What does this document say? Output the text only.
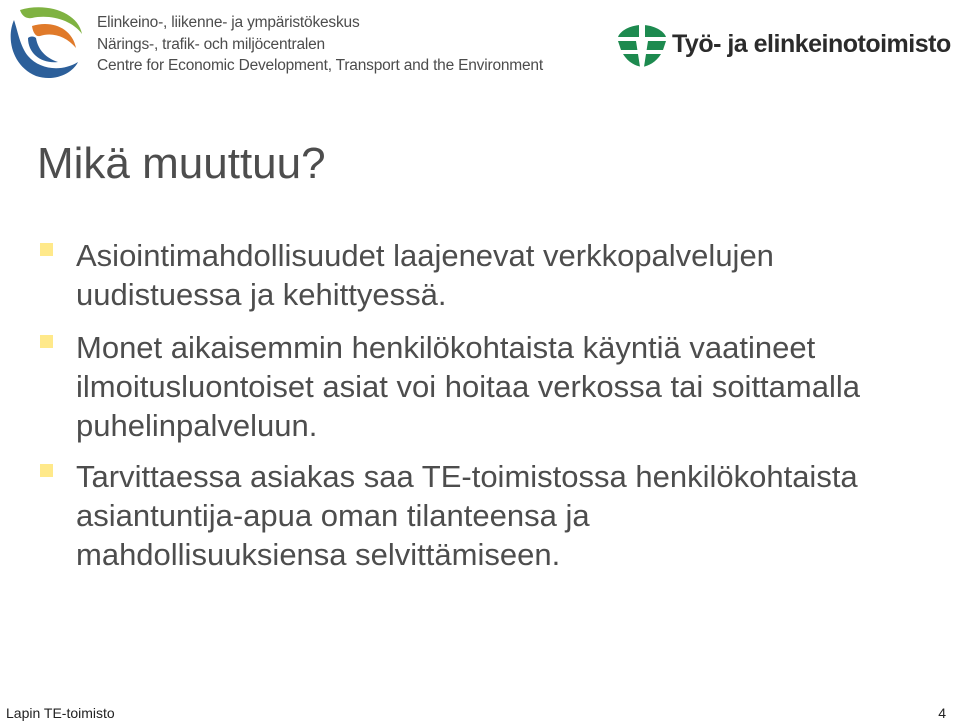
Elinkeino-, liikenne- ja ympäristökeskus
Närings-, trafik- och miljöcentralen
Centre for Economic Development, Transport and the Environment
Työ- ja elinkeinotoimisto
Mikä muuttuu?
Asiointimahdollisuudet laajenevat verkkopalvelujen
uudistuessa ja kehittyessä.
Monet aikaisemmin henkilökohtaista käyntiä vaatineet
ilmoitusluontoiset asiat voi hoitaa verkossa tai soittamalla
puhelinpalveluun.
Tarvittaessa asiakas saa TE-toimistossa henkilökohtaista
asiantuntija-apua oman tilanteensa ja
mahdollisuuksiensa selvittämiseen.
Lapin TE-toimisto	4
